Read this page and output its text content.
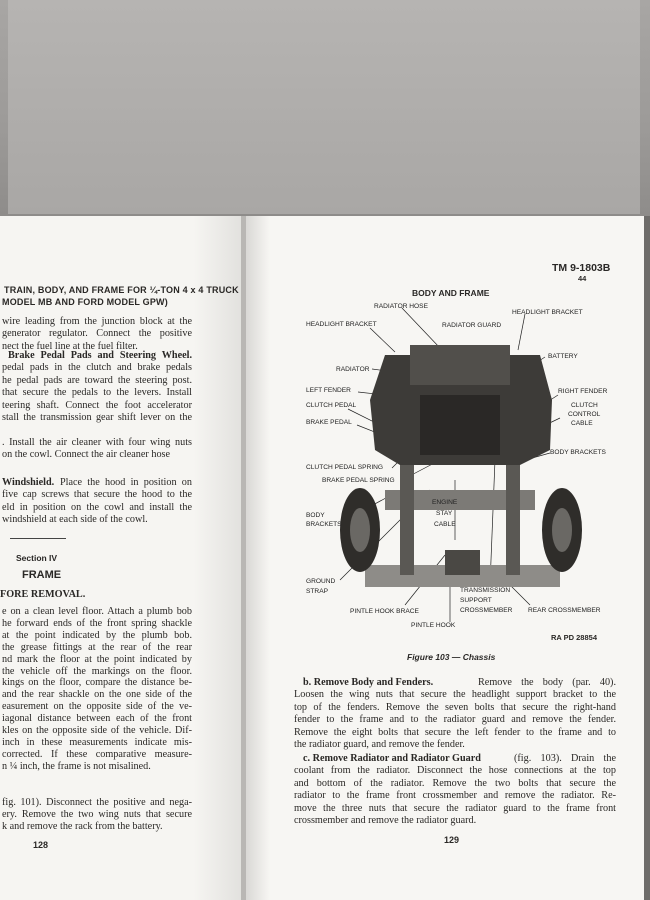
TRAIN, BODY, AND FRAME FOR ¼-TON 4 x 4 TRUCK
MODEL MB AND FORD MODEL GPW)
TM 9-1803B
44
BODY AND FRAME
RADIATOR HOSE
HEADLIGHT BRACKET	RADIATOR GUARD
HEADLIGHT BRACKET
BATTERY
RADIATOR
LEFT FENDER	RIGHT FENDER
CLUTCH PEDAL	CLUTCH
CONTROL
CABLE
BRAKE PEDAL
BODY BRACKETS
CLUTCH PEDAL SPRING
BRAKE PEDAL SPRING
ENGINE
STAY
CABLE
BODY
BRACKETS
GROUND
STRAP	TRANSMISSION
SUPPORT
CROSSMEMBER
PINTLE HOOK BRACE	REAR CROSSMEMBER
PINTLE HOOK
RA PD 28854
Figure 103 — Chassis
wire leading from the junction block at the
generator regulator. Connect the positive
nect the fuel line at the fuel filter.
Brake Pedal Pads and Steering Wheel.
pedal pads in the clutch and brake pedals
he pedal pads are toward the steering post.
that secure the pedals to the levers. Install
teering shaft. Connect the foot accelerator
stall the transmission gear shift lever on the
. Install the air cleaner with four wing nuts
on the cowl. Connect the air cleaner hose
Windshield. Place the hood in position on
five cap screws that secure the hood to the
eld in position on the cowl and install the
windshield at each side of the cowl.
Section IV
FRAME
FORE REMOVAL.
e on a clean level floor. Attach a plumb bob
he forward ends of the front spring shackle
at the point indicated by the plumb bob.
the grease fittings at the rear of the rear
nd mark the floor at the point indicated by
the vehicle off the markings on the floor.
kings on the floor, compare the distance be-
and the rear shackle on the one side of the
easurement on the opposite side of the ve-
iagonal distance between each of the front
kles on the opposite side of the vehicle. Dif-
inch in these measurements indicate mis-
corrected. If these comparative measure-
n ¼ inch, the frame is not misalined.
fig. 101). Disconnect the positive and nega-
ery. Remove the two wing nuts that secure
k and remove the rack from the battery.
128
b. Remove Body and Fenders.	Remove the body (par. 40).
Loosen the wing nuts that secure the headlight support bracket to the
top of the fenders. Remove the seven bolts that secure the right-hand
fender to the frame and to the radiator guard and remove the fender.
Remove the eight bolts that secure the left fender to the frame and to
the radiator guard, and remove the fender.
c. Remove Radiator and Radiator Guard	(fig. 103). Drain the
coolant from the radiator. Disconnect the hose connections at the top
and bottom of the radiator. Remove the two bolts that secure the
radiator to the frame front crossmember and remove the radiator. Re-
move the three nuts that secure the radiator guard to the frame front
crossmember and remove the radiator guard.
129
